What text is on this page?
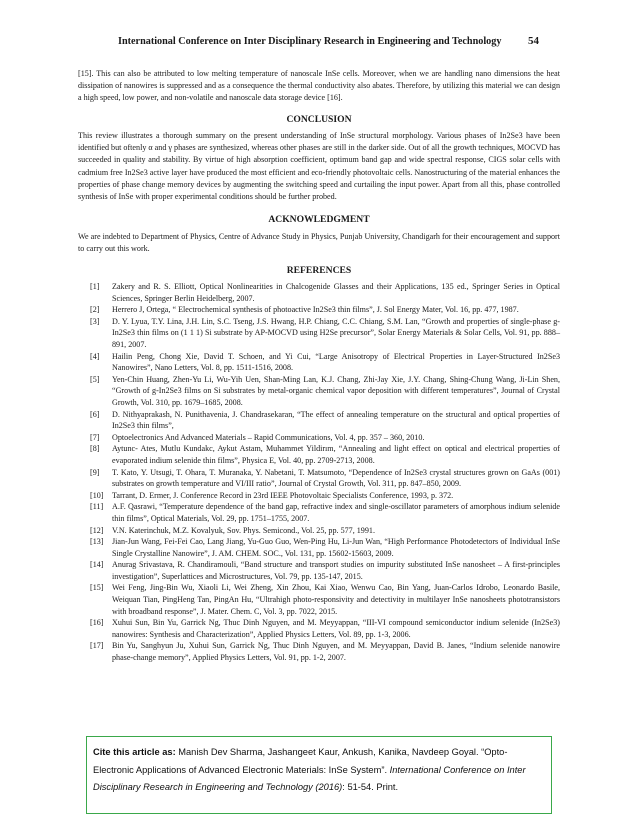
International Conference on Inter Disciplinary Research in Engineering and Technology 54

[15]. This can also be attributed to low melting temperature of nanoscale InSe cells. Moreover, when we are handling nano dimensions the heat dissipation of nanowires is suppressed and as a consequence the thermal conductivity also abates. Therefore, by utilizing this material we can design a high speed, low power, and non-volatile and nanoscale data storage device [16].

CONCLUSION

This review illustrates a thorough summary on the present understanding of InSe structural morphology. Various phases of In2Se3 have been identified but oftenly α and γ phases are synthesized, whereas other phases are still in the darker side. Out of all the growth techniques, MOCVD has succeeded in quality and stability. By virtue of high absorption coefficient, optimum band gap and wide spectral response, CIGS solar cells with cadmium free In2Se3 active layer have produced the most efficient and eco-friendly photovoltaic cells. Nanostructuring of the material enhances the properties of phase change memory devices by augmenting the switching speed and curtailing the input power. Apart from all this, phase controlled synthesis of InSe with proper experimental conditions should be further probed.

ACKNOWLEDGMENT

We are indebted to Department of Physics, Centre of Advance Study in Physics, Punjab University, Chandigarh for their encouragement and support to carry out this work.

REFERENCES
[1] Zakery and R. S. Elliott, Optical Nonlinearities in Chalcogenide Glasses and their Applications, 135 ed., Springer Series in Optical Sciences, Springer Berlin Heidelberg, 2007.
[2] Herrero J, Ortega, “ Electrochemical synthesis of photoactive In2Se3 thin films”, J. Sol Energy Mater, Vol. 16, pp. 477, 1987.
[3] D. Y. Lyua, T.Y. Lina, J.H. Lin, S.C. Tseng, J.S. Hwang, H.P. Chiang, C.C. Chiang, S.M. Lan, “Growth and properties of single-phase g-In2Se3 thin films on (1 1 1) Si substrate by AP-MOCVD using H2Se precursor”, Solar Energy Materials & Solar Cells, Vol. 91, pp. 888–891, 2007.
[4] Hailin Peng, Chong Xie, David T. Schoen, and Yi Cui, “Large Anisotropy of Electrical Properties in Layer-Structured In2Se3 Nanowires”, Nano Letters, Vol. 8, pp. 1511-1516, 2008.
[5] Yen-Chin Huang, Zhen-Yu Li, Wu-Yih Uen, Shan-Ming Lan, K.J. Chang, Zhi-Jay Xie, J.Y. Chang, Shing-Chung Wang, Ji-Lin Shen, “Growth of g-In2Se3 films on Si substrates by metal-organic chemical vapor deposition with different temperatures”, Journal of Crystal Growth, Vol. 310, pp. 1679–1685, 2008.
[6] D. Nithyaprakash, N. Punithavenia, J. Chandrasekaran, “The effect of annealing temperature on the structural and optical properties of In2Se3 thin films”,
[7] Optoelectronics And Advanced Materials – Rapid Communications, Vol. 4, pp. 357 – 360, 2010.
[8] Aytunc- Ates, Mutlu Kundakc, Aykut Astam, Muhammet Yildirım, “Annealing and light effect on optical and electrical properties of evaporated indium selenide thin films”, Physica E, Vol. 40, pp. 2709-2713, 2008.
[9] T. Kato, Y. Utsugi, T. Ohara, T. Muranaka, Y. Nabetani, T. Matsumoto, “Dependence of In2Se3 crystal structures grown on GaAs (001) substrates on growth temperature and VI/III ratio”, Journal of Crystal Growth, Vol. 311, pp. 847–850, 2009.
[10] Tarrant, D. Ermer, J. Conference Record in 23rd IEEE Photovoltaic Specialists Conference, 1993, p. 372.
[11] A.F. Qasrawi, “Temperature dependence of the band gap, refractive index and single-oscillator parameters of amorphous indium selenide thin films”, Optical Materials, Vol. 29, pp. 1751–1755, 2007.
[12] V.N. Katerinchuk, M.Z. Kovalyuk, Sov. Phys. Semicond., Vol. 25, pp. 577, 1991.
[13] Jian-Jun Wang, Fei-Fei Cao, Lang Jiang, Yu-Guo Guo, Wen-Ping Hu, Li-Jun Wan, “High Performance Photodetectors of Individual InSe Single Crystalline Nanowire”, J. AM. CHEM. SOC., Vol. 131, pp. 15602-15603, 2009.
[14] Anurag Srivastava, R. Chandiramouli, “Band structure and transport studies on impurity substituted InSe nanosheet – A first-principles investigation”, Superlattices and Microstructures, Vol. 79, pp. 135-147, 2015.
[15] Wei Feng, Jing-Bin Wu, Xiaoli Li, Wei Zheng, Xin Zhou, Kai Xiao, Wenwu Cao, Bin Yang, Juan-Carlos Idrobo, Leonardo Basile, Weiquan Tian, PingHeng Tan, PingAn Hu, “Ultrahigh photo-responsivity and detectivity in multilayer InSe nanosheets phototransistors with broadband response”, J. Mater. Chem. C, Vol. 3, pp. 7022, 2015.
[16] Xuhui Sun, Bin Yu, Garrick Ng, Thuc Dinh Nguyen, and M. Meyyappan, “III-VI compound semiconductor indium selenide (In2Se3) nanowires: Synthesis and Characterization”, Applied Physics Letters, Vol. 89, pp. 1-3, 2006.
[17] Bin Yu, Sanghyun Ju, Xuhui Sun, Garrick Ng, Thuc Dinh Nguyen, and M. Meyyappan, David B. Janes, “Indium selenide nanowire phase-change memory”, Applied Physics Letters, Vol. 91, pp. 1-2, 2007.
Cite this article as: Manish Dev Sharma, Jashangeet Kaur, Ankush, Kanika, Navdeep Goyal. “Opto-Electronic Applications of Advanced Electronic Materials: InSe System”. International Conference on Inter Disciplinary Research in Engineering and Technology (2016): 51-54. Print.
